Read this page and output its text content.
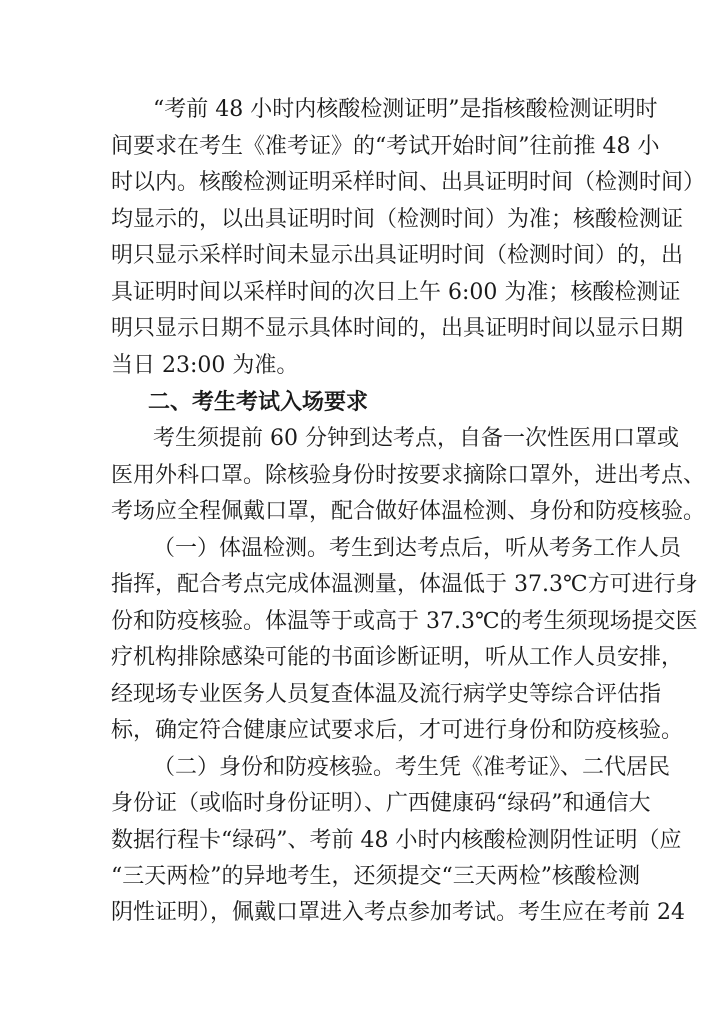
“考前 48 小时内核酸检测证明”是指核酸检测证明时
间要求在考生《准考证》的“考试开始时间”往前推 48 小
时以内。核酸检测证明采样时间、出具证明时间（检测时间）
均显示的，以出具证明时间（检测时间）为准；核酸检测证
明只显示采样时间未显示出具证明时间（检测时间）的，出
具证明时间以采样时间的次日上午 6:00 为准；核酸检测证
明只显示日期不显示具体时间的，出具证明时间以显示日期
当日 23:00 为准。
二、考生考试入场要求
考生须提前 60 分钟到达考点，自备一次性医用口罩或
医用外科口罩。除核验身份时按要求摘除口罩外，进出考点、
考场应全程佩戴口罩，配合做好体温检测、身份和防疫核验。
（一）体温检测。考生到达考点后，听从考务工作人员
指挥，配合考点完成体温测量，体温低于 37.3℃方可进行身
份和防疫核验。体温等于或高于 37.3℃的考生须现场提交医
疗机构排除感染可能的书面诊断证明，听从工作人员安排，
经现场专业医务人员复查体温及流行病学史等综合评估指
标，确定符合健康应试要求后，才可进行身份和防疫核验。
（二）身份和防疫核验。考生凭《准考证》、二代居民
身份证（或临时身份证明）、广西健康码“绿码”和通信大
数据行程卡“绿码”、考前 48 小时内核酸检测阴性证明（应
“三天两检”的异地考生，还须提交“三天两检”核酸检测
阴性证明），佩戴口罩进入考点参加考试。考生应在考前 24
